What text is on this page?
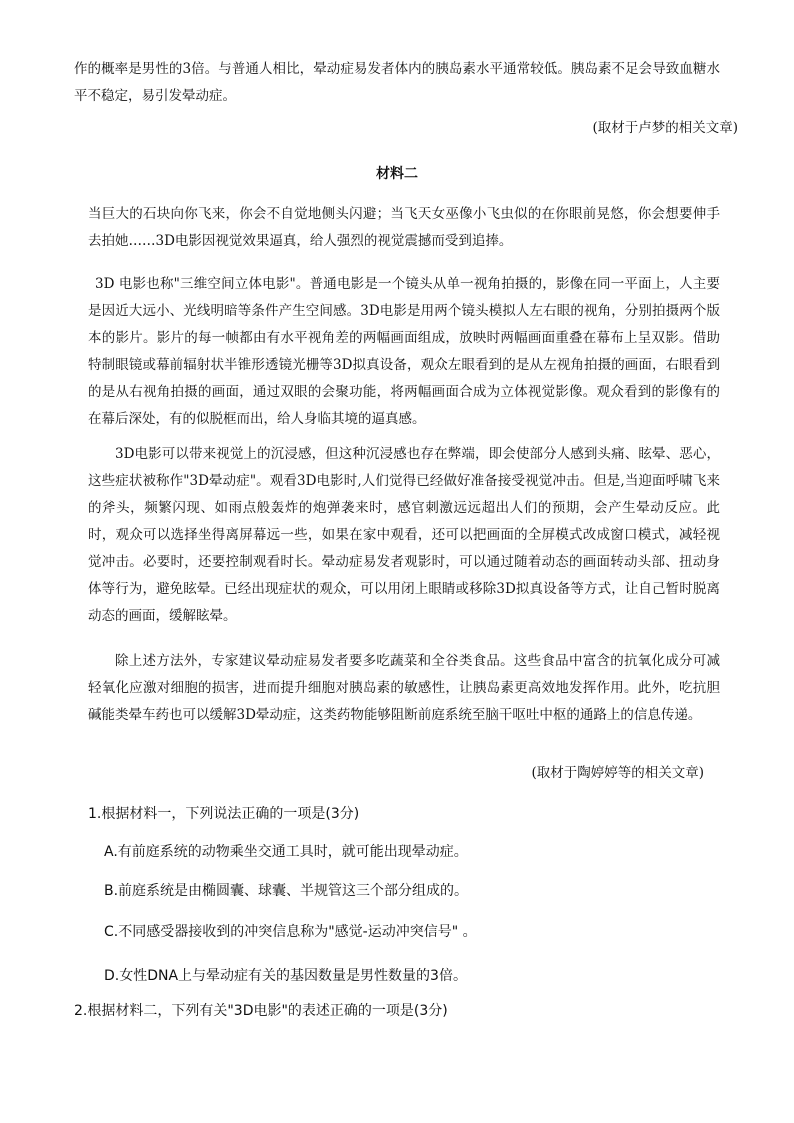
作的概率是男性的3倍。与普通人相比，晕动症易发者体内的胰岛素水平通常较低。胰岛素不足会导致血糖水平不稳定，易引发晕动症。

(取材于卢梦的相关文章)

材料二

当巨大的石块向你飞来，你会不自觉地侧头闪避；当飞天女巫像小飞虫似的在你眼前晃悠，你会想要伸手去拍她……3D电影因视觉效果逼真，给人强烈的视觉震撼而受到追捧。

3D 电影也称"三维空间立体电影"。普通电影是一个镜头从单一视角拍摄的，影像在同一平面上，人主要是因近大远小、光线明暗等条件产生空间感。3D电影是用两个镜头模拟人左右眼的视角，分别拍摄两个版本的影片。影片的每一帧都由有水平视角差的两幅画面组成，放映时两幅画面重叠在幕布上呈双影。借助特制眼镜或幕前辐射状半锥形透镜光栅等3D拟真设备，观众左眼看到的是从左视角拍摄的画面，右眼看到的是从右视角拍摄的画面，通过双眼的会聚功能，将两幅画面合成为立体视觉影像。观众看到的影像有的在幕后深处，有的似脱框而出，给人身临其境的逼真感。

3D电影可以带来视觉上的沉浸感，但这种沉浸感也存在弊端，即会使部分人感到头痛、眩晕、恶心，这些症状被称作"3D晕动症"。观看3D电影时,人们觉得已经做好准备接受视觉冲击。但是,当迎面呼啸飞来的斧头，频繁闪现、如雨点般轰炸的炮弹袭来时，感官刺激远远超出人们的预期，会产生晕动反应。此时，观众可以选择坐得离屏幕远一些，如果在家中观看，还可以把画面的全屏模式改成窗口模式，减轻视觉冲击。必要时，还要控制观看时长。晕动症易发者观影时，可以通过随着动态的画面转动头部、扭动身体等行为，避免眩晕。已经出现症状的观众，可以用闭上眼睛或移除3D拟真设备等方式，让自己暂时脱离动态的画面，缓解眩晕。

除上述方法外，专家建议晕动症易发者要多吃蔬菜和全谷类食品。这些食品中富含的抗氧化成分可减轻氧化应激对细胞的损害，进而提升细胞对胰岛素的敏感性，让胰岛素更高效地发挥作用。此外，吃抗胆碱能类晕车药也可以缓解3D晕动症，这类药物能够阻断前庭系统至脑干呕吐中枢的通路上的信息传递。

(取材于陶婷婷等的相关文章)

1.根据材料一，下列说法正确的一项是(3分)
A.有前庭系统的动物乘坐交通工具时，就可能出现晕动症。
B.前庭系统是由椭圆囊、球囊、半规管这三个部分组成的。
C.不同感受器接收到的冲突信息称为"感觉-运动冲突信号" 。
D.女性DNA上与晕动症有关的基因数量是男性数量的3倍。
2.根据材料二，下列有关"3D电影"的表述正确的一项是(3分)
